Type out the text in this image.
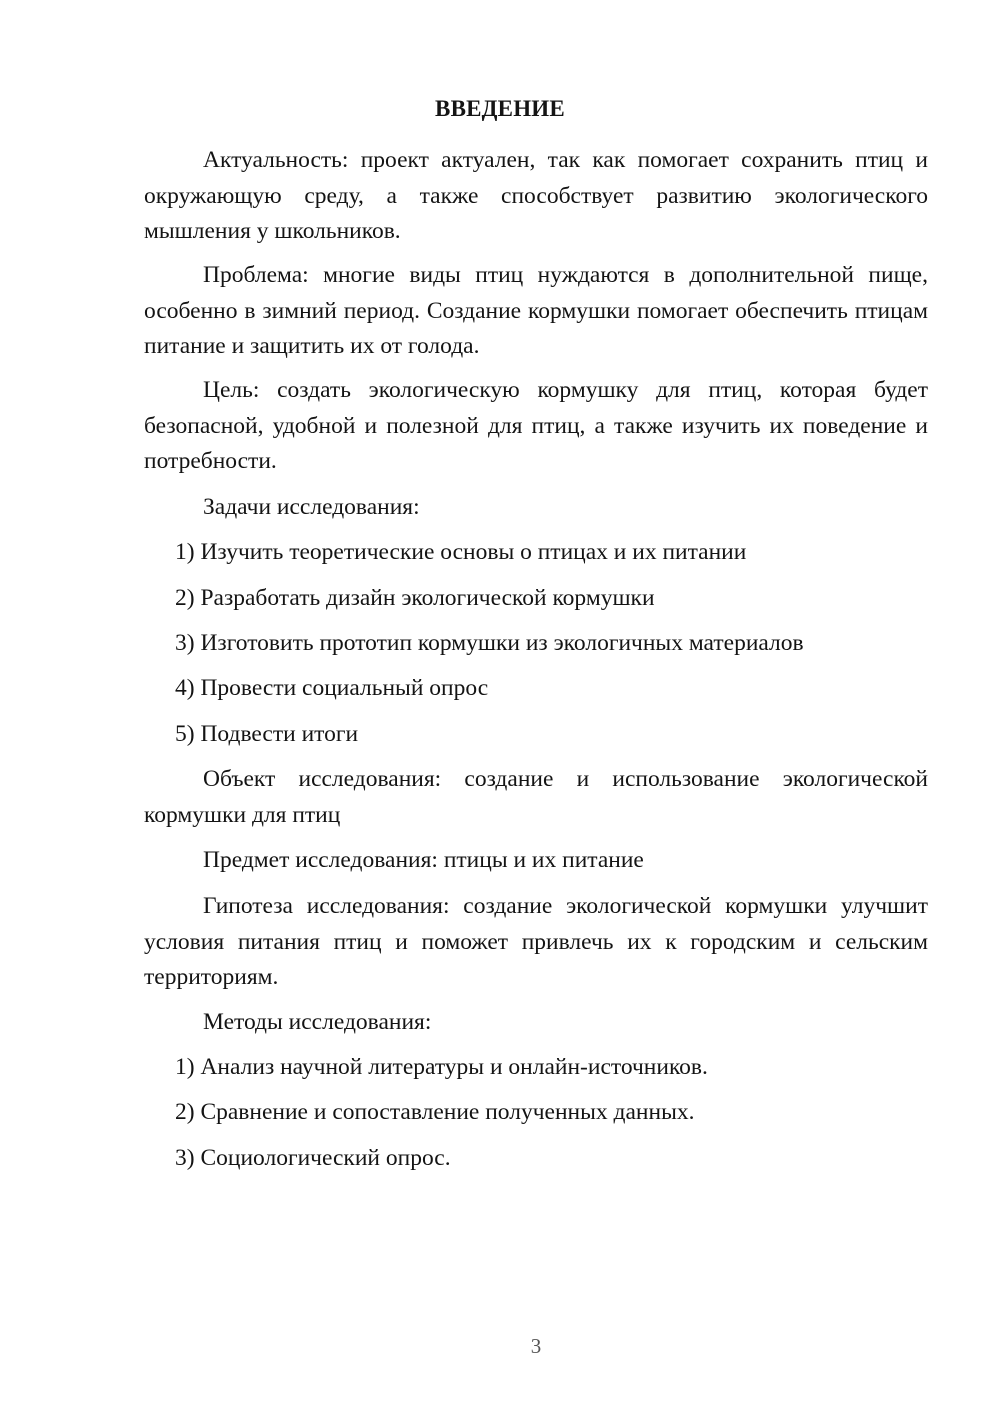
ВВЕДЕНИЕ

Актуальность: проект актуален, так как помогает сохранить птиц и окружающую среду, а также способствует развитию экологического мышления у школьников.

Проблема: многие виды птиц нуждаются в дополнительной пище, особенно в зимний период. Создание кормушки помогает обеспечить птицам питание и защитить их от голода.

Цель: создать экологическую кормушку для птиц, которая будет безопасной, удобной и полезной для птиц, а также изучить их поведение и потребности.

Задачи исследования:

1) Изучить теоретические основы о птицах и их питании

2) Разработать дизайн экологической кормушки

3) Изготовить прототип кормушки из экологичных материалов

4) Провести социальный опрос

5) Подвести итоги

Объект исследования: создание и использование экологической кормушки для птиц

Предмет исследования: птицы и их питание

Гипотеза исследования: создание экологической кормушки улучшит условия питания птиц и поможет привлечь их к городским и сельским территориям.

Методы исследования:

1) Анализ научной литературы и онлайн-источников.

2) Сравнение и сопоставление полученных данных.

3) Социологический опрос.

3
